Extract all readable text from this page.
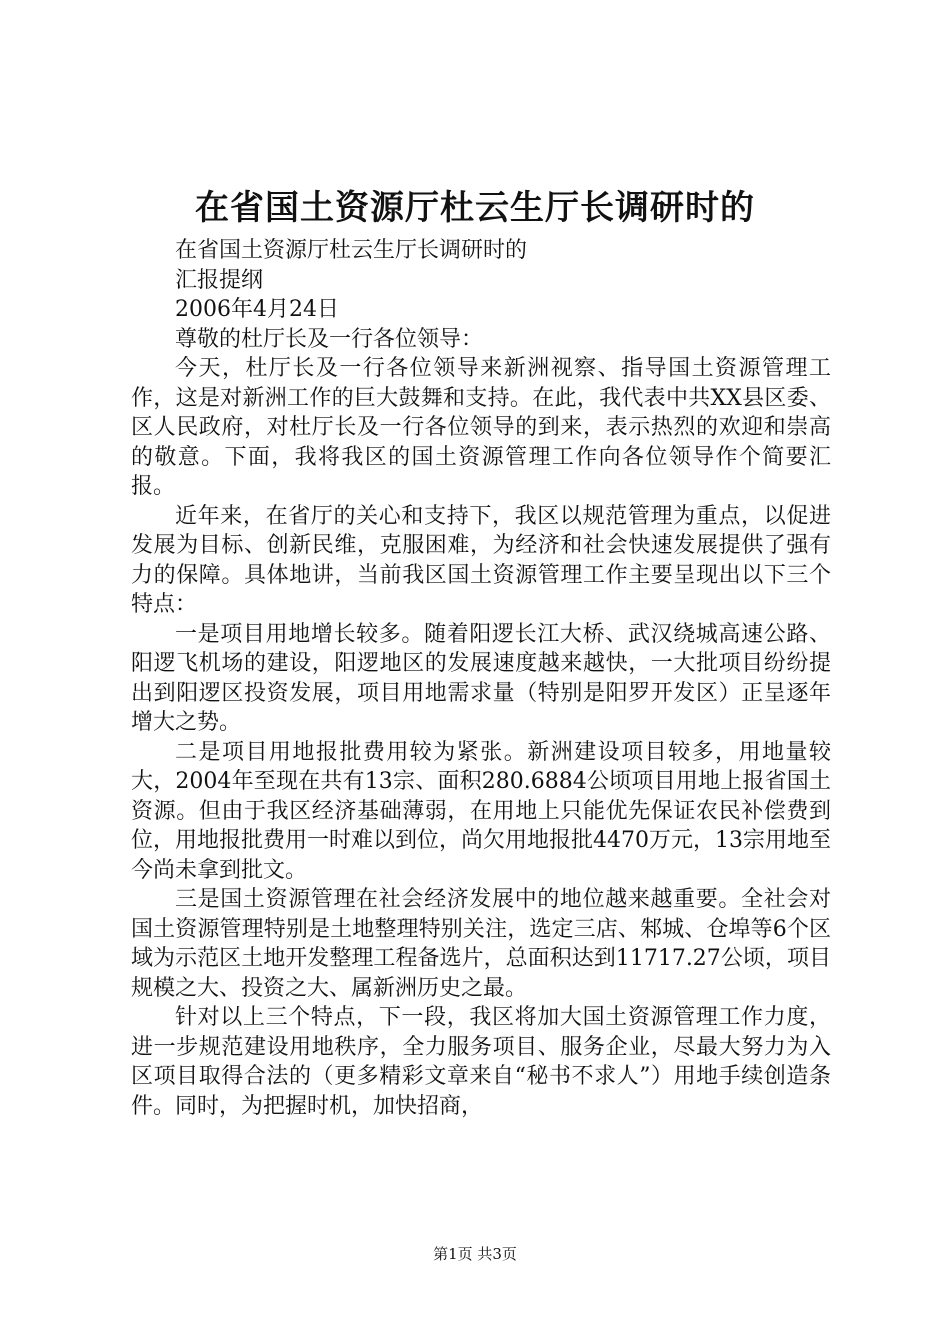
在省国土资源厅杜云生厅长调研时的

在省国土资源厅杜云生厅长调研时的

汇报提纲

2006年4月24日

尊敬的杜厅长及一行各位领导：

今天，杜厅长及一行各位领导来新洲视察、指导国土资源管理工作，这是对新洲工作的巨大鼓舞和支持。在此，我代表中共XX县区委、区人民政府，对杜厅长及一行各位领导的到来，表示热烈的欢迎和崇高的敬意。下面，我将我区的国土资源管理工作向各位领导作个简要汇报。

近年来，在省厅的关心和支持下，我区以规范管理为重点，以促进发展为目标、创新民维，克服困难，为经济和社会快速发展提供了强有力的保障。具体地讲，当前我区国土资源管理工作主要呈现出以下三个特点：

一是项目用地增长较多。随着阳逻长江大桥、武汉绕城高速公路、阳逻飞机场的建设，阳逻地区的发展速度越来越快，一大批项目纷纷提出到阳逻区投资发展，项目用地需求量（特别是阳罗开发区）正呈逐年增大之势。

二是项目用地报批费用较为紧张。新洲建设项目较多，用地量较大，2004年至现在共有13宗、面积280.6884公顷项目用地上报省国土资源。但由于我区经济基础薄弱，在用地上只能优先保证农民补偿费到位，用地报批费用一时难以到位，尚欠用地报批4470万元，13宗用地至今尚未拿到批文。

三是国土资源管理在社会经济发展中的地位越来越重要。全社会对国土资源管理特别是土地整理特别关注，选定三店、邾城、仓埠等6个区域为示范区土地开发整理工程备选片，总面积达到11717.27公顷，项目规模之大、投资之大、属新洲历史之最。

针对以上三个特点，下一段，我区将加大国土资源管理工作力度，进一步规范建设用地秩序，全力服务项目、服务企业，尽最大努力为入区项目取得合法的（更多精彩文章来自“秘书不求人”）用地手续创造条件。同时，为把握时机，加快招商，

第1页 共3页
